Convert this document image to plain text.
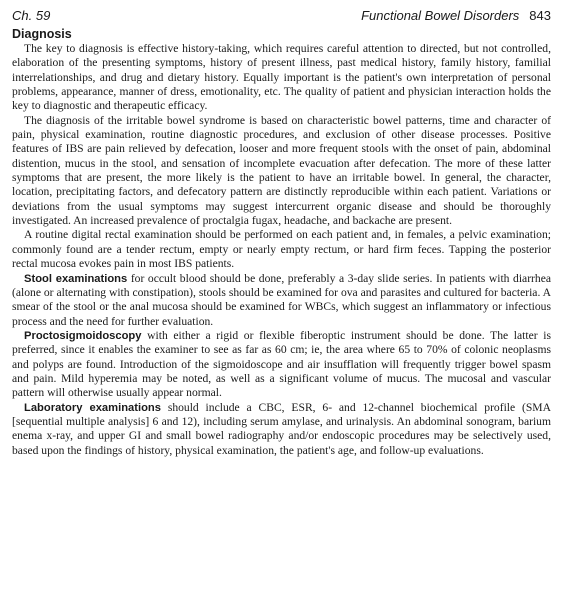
Ch. 59	Functional Bowel Disorders 843
Diagnosis

The key to diagnosis is effective history-taking, which requires careful attention to directed, but not controlled, elaboration of the presenting symptoms, history of present illness, past medical history, family history, familial interrelationships, and drug and dietary history. Equally important is the patient's own interpretation of personal problems, appearance, manner of dress, emotionality, etc. The quality of patient and physician interaction holds the key to diagnostic and therapeutic efficacy.

The diagnosis of the irritable bowel syndrome is based on characteristic bowel patterns, time and character of pain, physical examination, routine diagnostic procedures, and exclusion of other disease processes. Positive features of IBS are pain relieved by defecation, looser and more frequent stools with the onset of pain, abdominal distention, mucus in the stool, and sensation of incomplete evacuation after defecation. The more of these latter symptoms that are present, the more likely is the patient to have an irritable bowel. In general, the character, location, precipitating factors, and defecatory pattern are distinctly reproducible within each patient. Variations or deviations from the usual symptoms may suggest intercurrent organic disease and should be thoroughly investigated. An increased prevalence of proctalgia fugax, headache, and backache are present.

A routine digital rectal examination should be performed on each patient and, in females, a pelvic examination; commonly found are a tender rectum, empty or nearly empty rectum, or hard firm feces. Tapping the posterior rectal mucosa evokes pain in most IBS patients.

Stool examinations for occult blood should be done, preferably a 3-day slide series. In patients with diarrhea (alone or alternating with constipation), stools should be examined for ova and parasites and cultured for bacteria. A smear of the stool or the anal mucosa should be examined for WBCs, which suggest an inflammatory or infectious process and the need for further evaluation.

Proctosigmoidoscopy with either a rigid or flexible fiberoptic instrument should be done. The latter is preferred, since it enables the examiner to see as far as 60 cm; ie, the area where 65 to 70% of colonic neoplasms and polyps are found. Introduction of the sigmoidoscope and air insufflation will frequently trigger bowel spasm and pain. Mild hyperemia may be noted, as well as a significant volume of mucus. The mucosal and vascular pattern will otherwise usually appear normal.

Laboratory examinations should include a CBC, ESR, 6- and 12-channel biochemical profile (SMA [sequential multiple analysis] 6 and 12), including serum amylase, and urinalysis. An abdominal sonogram, barium enema x-ray, and upper GI and small bowel radiography and/or endoscopic procedures may be selectively used, based upon the findings of history, physical examination, the patient's age, and follow-up evaluations.
